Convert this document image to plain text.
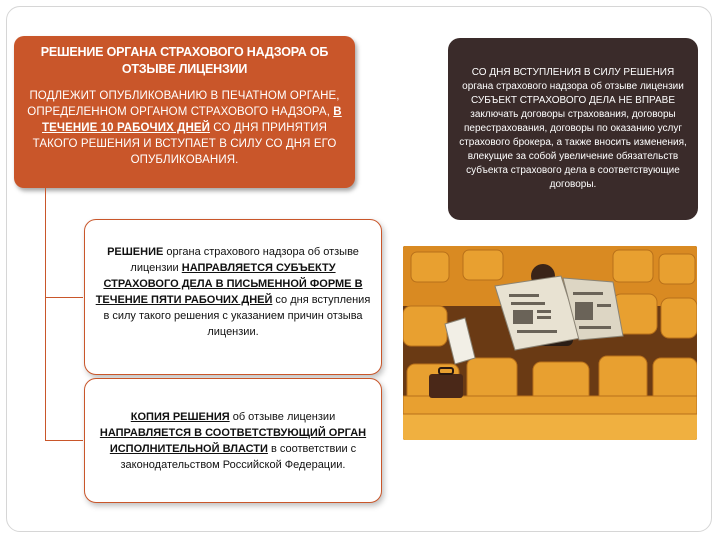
РЕШЕНИЕ ОРГАНА СТРАХОВОГО НАДЗОРА ОБ
ОТЗЫВЕ ЛИЦЕНЗИИ
ПОДЛЕЖИТ ОПУБЛИКОВАНИЮ В ПЕЧАТНОМ ОРГАНЕ, ОПРЕДЕЛЕННОМ ОРГАНОМ СТРАХОВОГО НАДЗОРА, В ТЕЧЕНИЕ 10 РАБОЧИХ ДНЕЙ СО ДНЯ ПРИНЯТИЯ ТАКОГО РЕШЕНИЯ И ВСТУПАЕТ В СИЛУ СО ДНЯ ЕГО ОПУБЛИКОВАНИЯ.
РЕШЕНИЕ органа страхового надзора об отзыве лицензии НАПРАВЛЯЕТСЯ СУБЪЕКТУ СТРАХОВОГО ДЕЛА В ПИСЬМЕННОЙ ФОРМЕ В ТЕЧЕНИЕ ПЯТИ РАБОЧИХ ДНЕЙ со дня вступления в силу такого решения с указанием причин отзыва лицензии.
КОПИЯ РЕШЕНИЯ об отзыве лицензии НАПРАВЛЯЕТСЯ В СООТВЕТСТВУЮЩИЙ ОРГАН ИСПОЛНИТЕЛЬНОЙ ВЛАСТИ в соответствии с законодательством Российской Федерации.
СО ДНЯ ВСТУПЛЕНИЯ В СИЛУ РЕШЕНИЯ органа страхового надзора об отзыве лицензии СУБЪЕКТ СТРАХОВОГО ДЕЛА НЕ ВПРАВЕ заключать договоры страхования, договоры перестрахования, договоры по оказанию услуг страхового брокера, а также вносить изменения, влекущие за собой увеличение обязательств субъекта страхового дела в соответствующие договоры.
